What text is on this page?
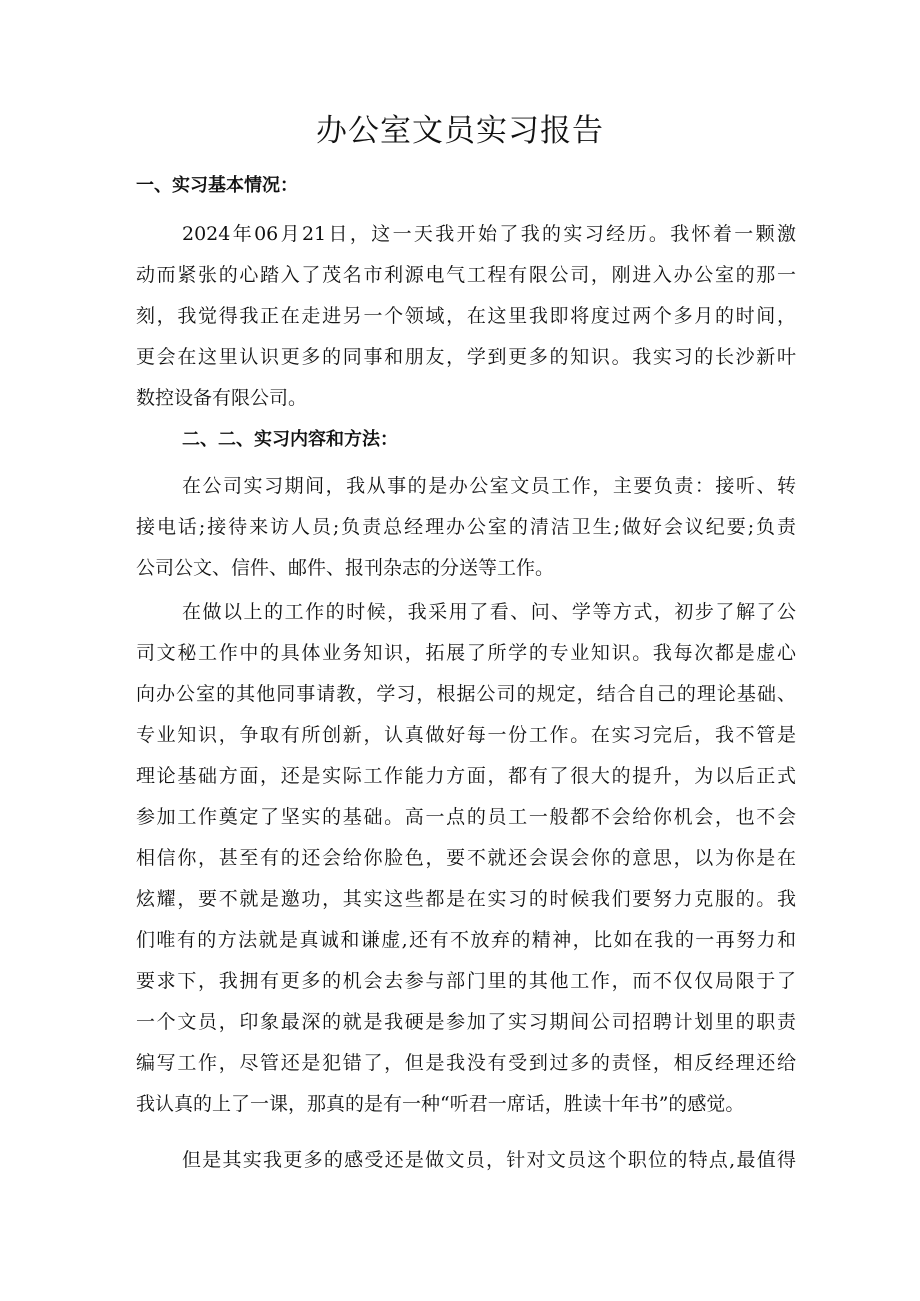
办公室文员实习报告
一、实习基本情况：
2024年06月21日，这一天我开始了我的实习经历。我怀着一颗激
动而紧张的心踏入了茂名市利源电气工程有限公司，刚进入办公室的那一
刻，我觉得我正在走进另一个领域，在这里我即将度过两个多月的时间，
更会在这里认识更多的同事和朋友，学到更多的知识。我实习的长沙新叶
数控设备有限公司。
二、二、实习内容和方法：
在公司实习期间，我从事的是办公室文员工作，主要负责：接听、转
接电话;接待来访人员;负责总经理办公室的清洁卫生;做好会议纪要;负责
公司公文、信件、邮件、报刊杂志的分送等工作。
在做以上的工作的时候，我采用了看、问、学等方式，初步了解了公
司文秘工作中的具体业务知识，拓展了所学的专业知识。我每次都是虚心
向办公室的其他同事请教，学习，根据公司的规定，结合自己的理论基础、
专业知识，争取有所创新，认真做好每一份工作。在实习完后，我不管是
理论基础方面，还是实际工作能力方面，都有了很大的提升，为以后正式
参加工作奠定了坚实的基础。高一点的员工一般都不会给你机会，也不会
相信你，甚至有的还会给你脸色，要不就还会误会你的意思，以为你是在
炫耀，要不就是邀功，其实这些都是在实习的时候我们要努力克服的。我
们唯有的方法就是真诚和谦虚,还有不放弃的精神，比如在我的一再努力和
要求下，我拥有更多的机会去参与部门里的其他工作，而不仅仅局限于了
一个文员，印象最深的就是我硬是参加了实习期间公司招聘计划里的职责
编写工作，尽管还是犯错了，但是我没有受到过多的责怪，相反经理还给
我认真的上了一课，那真的是有一种“听君一席话，胜读十年书”的感觉。
但是其实我更多的感受还是做文员，针对文员这个职位的特点,最值得
